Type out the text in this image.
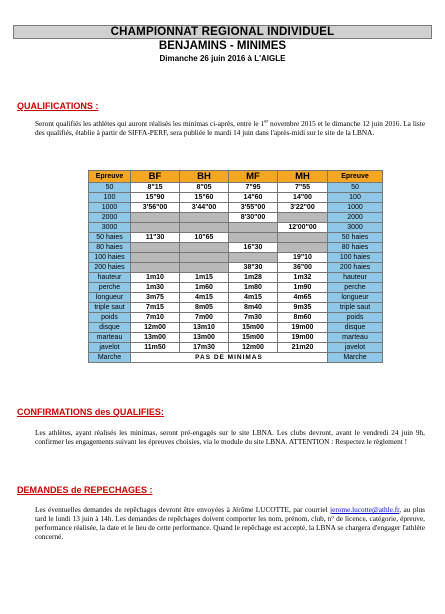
CHAMPIONNAT REGIONAL INDIVIDUEL
BENJAMINS - MINIMES
Dimanche 26 juin 2016 à L'AIGLE
QUALIFICATIONS :
Seront qualifiés les athlètes qui auront réalisés les minimas ci-après, entre le 1er novembre 2015 et le dimanche 12 juin 2016. La liste des qualifiés, établie à partir de SIFFA-PERF, sera publiée le mardi 14 juin dans l'après-midi sur le site de la LBNA.
Epreuve	BF	BH	MF	MH	Epreuve
50	8"15	8"05	7"95	7"55	50
100	15"90	15"60	14"60	14"00	100
1000	3'56"00	3'44"00	3'55"00	3'22"00	1000
2000			8'30"00		2000
3000				12'00"00	3000
50 haies	11"30	10"65			50 haies
80 haies			16"30		80 haies
100 haies				19"10	100 haies
200 haies			38"30	36"00	200 haies
hauteur	1m10	1m15	1m28	1m32	hauteur
perche	1m30	1m60	1m80	1m90	perche
longueur	3m75	4m15	4m15	4m65	longueur
triple saut	7m15	8m05	8m40	9m35	triple saut
poids	7m10	7m00	7m30	8m60	poids
disque	12m00	13m10	15m00	19m00	disque
marteau	13m00	13m00	15m00	19m00	marteau
javelot	11m50	17m30	12m00	21m20	javelot
Marche	PAS DE MINIMAS				Marche
CONFIRMATIONS des QUALIFIES:
Les athlètes, ayant réalisés les minimas, seront pré-engagés sur le site LBNA. Les clubs devront, avant le vendredi 24 juin 9h, confirmer les engagements suivant les épreuves choisies, via le module du site LBNA. ATTENTION : Respectez le règlement !
DEMANDES de REPECHAGES :
Les éventuelles demandes de repêchages devront être envoyées à Jérôme LUCOTTE, par courriel jerome.lucotte@athle.fr, au plus tard le lundi 13 juin à 14h. Les demandes de repêchages doivent comporter les nom, prénom, club, n° de licence, catégorie, épreuve, performance réalisée, la date et le lieu de cette performance. Quand le repêchage est accepté, la LBNA se chargera d'engager l'athlète concerné.
